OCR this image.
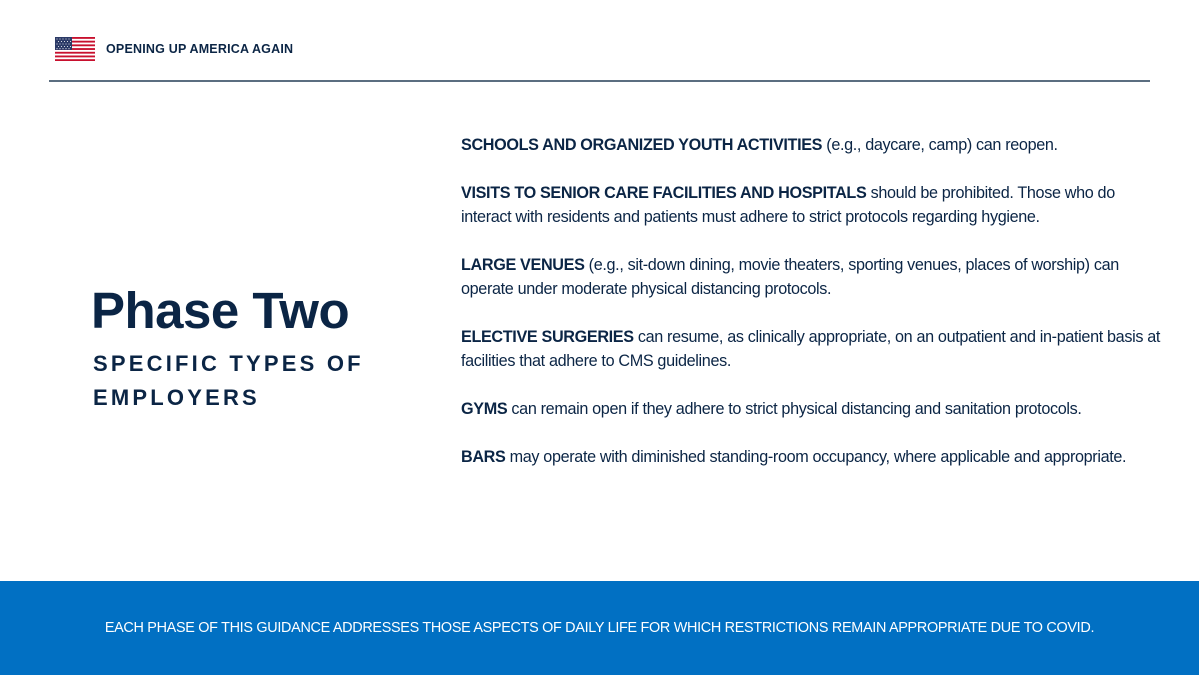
OPENING UP AMERICA AGAIN
Phase Two
SPECIFIC TYPES OF EMPLOYERS

SCHOOLS AND ORGANIZED YOUTH ACTIVITIES (e.g., daycare, camp) can reopen.

VISITS TO SENIOR CARE FACILITIES AND HOSPITALS should be prohibited. Those who do interact with residents and patients must adhere to strict protocols regarding hygiene.

LARGE VENUES (e.g., sit-down dining, movie theaters, sporting venues, places of worship) can operate under moderate physical distancing protocols.

ELECTIVE SURGERIES can resume, as clinically appropriate, on an outpatient and in-patient basis at facilities that adhere to CMS guidelines.

GYMS can remain open if they adhere to strict physical distancing and sanitation protocols.

BARS may operate with diminished standing-room occupancy, where applicable and appropriate.

EACH PHASE OF THIS GUIDANCE ADDRESSES THOSE ASPECTS OF DAILY LIFE FOR WHICH RESTRICTIONS REMAIN APPROPRIATE DUE TO COVID.
